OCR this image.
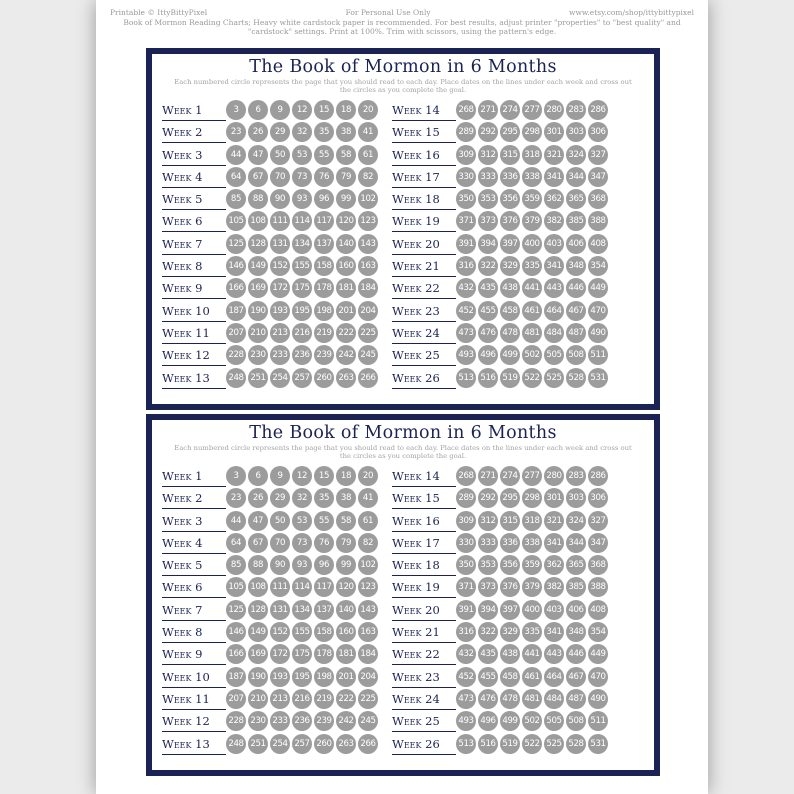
Printable © IttyBittyPixel	For Personal Use Only	www.etsy.com/shop/ittybittypixel
Book of Mormon Reading Charts; Heavy white cardstock paper is recommended. For best results, adjust printer "properties" to "best quality" and "cardstock" settings. Print at 100%. Trim with scissors, using the pattern's edge.
The Book of Mormon in 6 Months
Each numbered circle represents the page that you should read to each day. Place dates on the lines under each week and cross out the circles as you complete the goal.
Week 1	3	6	9	12	15	18	20
Week 2	23	26	29	32	35	38	41
Week 3	44	47	50	53	55	58	61
Week 4	64	67	70	73	76	79	82
Week 5	85	88	90	93	96	99	102
Week 6	105 108 111 114 117 120 123
Week 7	125 128 131 134 137 140 143
Week 8	146 149 152 155 158 160 163
Week 9	166 169 172 175 178 181 184
Week 10	187 190 193 195 198 201 204
Week 11	207 210 213 216 219 222 225
Week 12	228 230 233 236 239 242 245
Week 13	248 251 254 257 260 263 266
Week 14	268 271 274 277 280 283 286
Week 15	289 292 295 298 301 303 306
Week 16	309 312 315 318 321 324 327
Week 17	330 333 336 338 341 344 347
Week 18	350 353 356 359 362 365 368
Week 19	371 373 376 379 382 385 388
Week 20	391 394 397 400 403 406 408
Week 21	316 322 329 335 341 348 354
Week 22	432 435 438 441 443 446 449
Week 23	452 455 458 461 464 467 470
Week 24	473 476 478 481 484 487 490
Week 25	493 496 499 502 505 508 511
Week 26	513 516 519 522 525 528 531
The Book of Mormon in 6 Months
Each numbered circle represents the page that you should read to each day. Place dates on the lines under each week and cross out the circles as you complete the goal.
Week 1	3	6	9	12	15	18	20
Week 2	23	26	29	32	35	38	41
Week 3	44	47	50	53	55	58	61
Week 4	64	67	70	73	76	79	82
Week 5	85	88	90	93	96	99	102
Week 6	105 108 111 114 117 120 123
Week 7	125 128 131 134 137 140 143
Week 8	146 149 152 155 158 160 163
Week 9	166 169 172 175 178 181 184
Week 10	187 190 193 195 198 201 204
Week 11	207 210 213 216 219 222 225
Week 12	228 230 233 236 239 242 245
Week 13	248 251 254 257 260 263 266
Week 14	268 271 274 277 280 283 286
Week 15	289 292 295 298 301 303 306
Week 16	309 312 315 318 321 324 327
Week 17	330 333 336 338 341 344 347
Week 18	350 353 356 359 362 365 368
Week 19	371 373 376 379 382 385 388
Week 20	391 394 397 400 403 406 408
Week 21	316 322 329 335 341 348 354
Week 22	432 435 438 441 443 446 449
Week 23	452 455 458 461 464 467 470
Week 24	473 476 478 481 484 487 490
Week 25	493 496 499 502 505 508 511
Week 26	513 516 519 522 525 528 531
